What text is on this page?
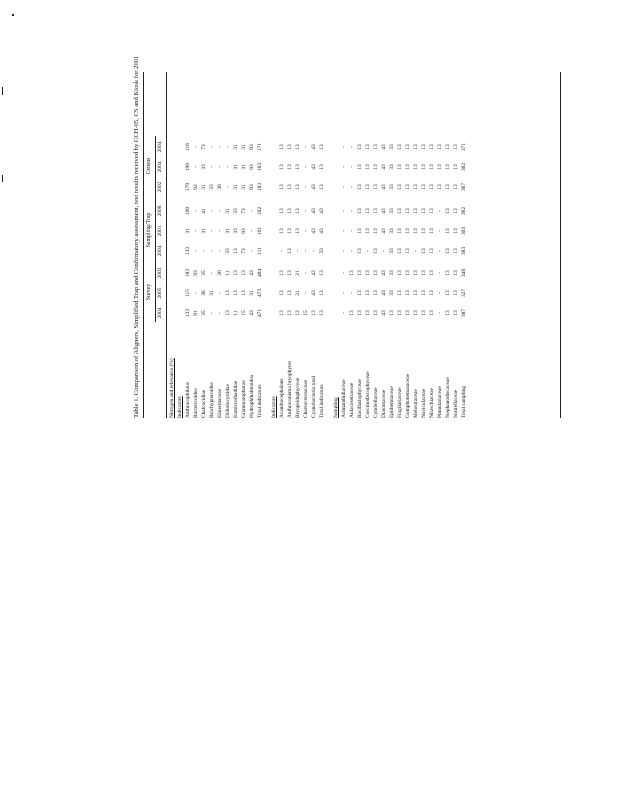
Table 1. Comparison of Aligners, Simplified Trap and Confirmatory assessment, test results received by CCH-05, CS and Kiosk for 2001 Survey
Sampling/Trap
Census
2004
2005
2003
2004
2001
2008
2002
2004
2004
Nitrogen and relevance (%) Indicators Anthracophilous
133
115
183
133
31
100
179
190
116
Bactericoidea
91
-
93
-
-
-
92
-
-
Chalcocidiae
35
36
35
-
31
41
31
33
73
Brachypteroidea
-
31
-
-
-
-
33
-
-
Elaterinaceae
-
-
30
-
-
-
30
-
-
Doliolocyrtidae
13
13
11
33
31
31
-
-
-
Eumicrorhadidae
11
13
13
13
33
33
31
31
31
Grammatophorae
15
13
13
73
93
73
31
31
31
Hydrophthalmoidea
43
31
43
-
-
-
93
93
93
Total indicators
471
473
404
111
101
102
183
163
171
Indicators Acanthocephalans
13
13
13
-
13
13
13
13
13
Anthraconema bryophytes
13
13
13
13
13
13
13
13
13
Bryopsidophyceae
13
21
21
-
13
13
13
13
13
Chaetocerotaceae
15
-
-
-
-
-
-
-
-
Cyanobacteria total
13
43
43
-
43
43
43
43
43
Total indicators
13
13
13
33
43
43
13
13
13
Sampling Achnanthidiaceae
-
-
-
-
-
-
-
-
-
Aulacoseiraceae
13
-
13
-
-
-
-
-
-
Bacillariophyceae
13
13
13
13
13
13
13
13
13
Coscinodiscophyceae
13
13
13
-
13
13
13
13
13
Cymbellaceae
13
13
13
13
13
13
13
13
13
Diatomaceae
43
43
43
-
43
43
43
43
43
Epithemiaceae
13
33
33
33
33
33
33
33
33
Fragilariaceae
13
13
13
13
13
13
13
13
13
Gomphonemataceae
13
13
13
13
13
13
13
13
13
Melosiraceae
13
13
13
-
13
13
13
13
13
Naviculaceae
13
13
13
13
13
13
13
13
13
Nitzschiaceae
13
13
13
13
13
13
13
13
13
Pinnulariaceae
-
-
-
-
-
-
13
13
13
Stephanodiscaceae
13
13
13
13
13
13
13
13
13
Surirellaceae
13
13
13
13
13
13
13
13
13
Total sampling
387
327
348
383
303
362
367
362
371
